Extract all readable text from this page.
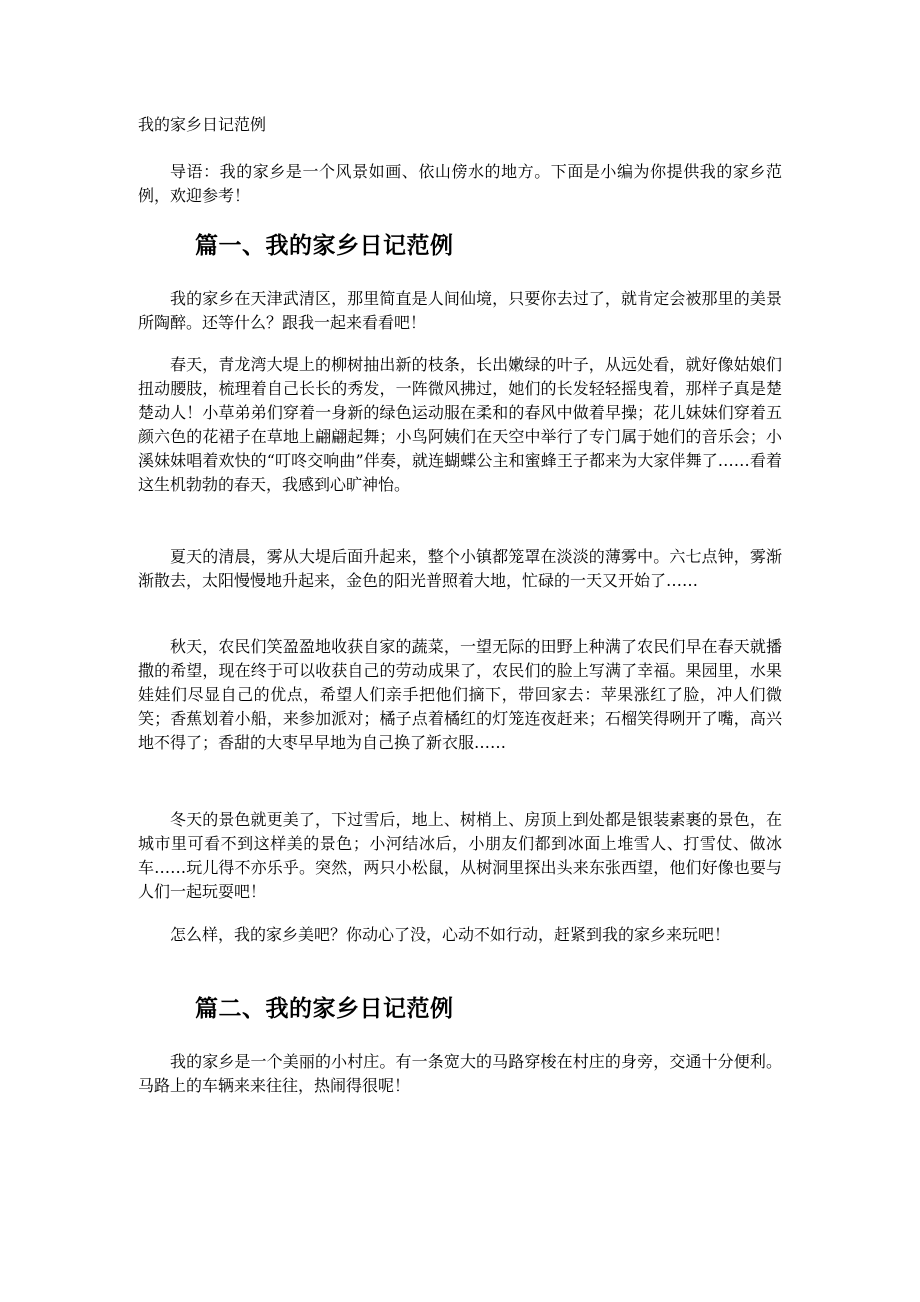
我的家乡日记范例

导语：我的家乡是一个风景如画、依山傍水的地方。下面是小编为你提供我的家乡范例，欢迎参考！

篇一、我的家乡日记范例

我的家乡在天津武清区，那里简直是人间仙境，只要你去过了，就肯定会被那里的美景所陶醉。还等什么？跟我一起来看看吧！

春天，青龙湾大堤上的柳树抽出新的枝条，长出嫩绿的叶子，从远处看，就好像姑娘们扭动腰肢，梳理着自己长长的秀发，一阵微风拂过，她们的长发轻轻摇曳着，那样子真是楚楚动人！小草弟弟们穿着一身新的绿色运动服在柔和的春风中做着早操；花儿妹妹们穿着五颜六色的花裙子在草地上翩翩起舞；小鸟阿姨们在天空中举行了专门属于她们的音乐会；小溪妹妹唱着欢快的“叮咚交响曲”伴奏，就连蝴蝶公主和蜜蜂王子都来为大家伴舞了……看着这生机勃勃的春天，我感到心旷神怡。

夏天的清晨，雾从大堤后面升起来，整个小镇都笼罩在淡淡的薄雾中。六七点钟，雾渐渐散去，太阳慢慢地升起来，金色的阳光普照着大地，忙碌的一天又开始了……

秋天，农民们笑盈盈地收获自家的蔬菜，一望无际的田野上种满了农民们早在春天就播撒的希望，现在终于可以收获自己的劳动成果了，农民们的脸上写满了幸福。果园里，水果娃娃们尽显自己的优点，希望人们亲手把他们摘下，带回家去：苹果涨红了脸，冲人们微笑；香蕉划着小船，来参加派对；橘子点着橘红的灯笼连夜赶来；石榴笑得咧开了嘴，高兴地不得了；香甜的大枣早早地为自己换了新衣服……

冬天的景色就更美了，下过雪后，地上、树梢上、房顶上到处都是银装素裹的景色，在城市里可看不到这样美的景色；小河结冰后，小朋友们都到冰面上堆雪人、打雪仗、做冰车……玩儿得不亦乐乎。突然，两只小松鼠，从树洞里探出头来东张西望，他们好像也要与人们一起玩耍吧！

怎么样，我的家乡美吧？你动心了没，心动不如行动，赶紧到我的家乡来玩吧！

篇二、我的家乡日记范例

我的家乡是一个美丽的小村庄。有一条宽大的马路穿梭在村庄的身旁，交通十分便利。马路上的车辆来来往往，热闹得很呢！
